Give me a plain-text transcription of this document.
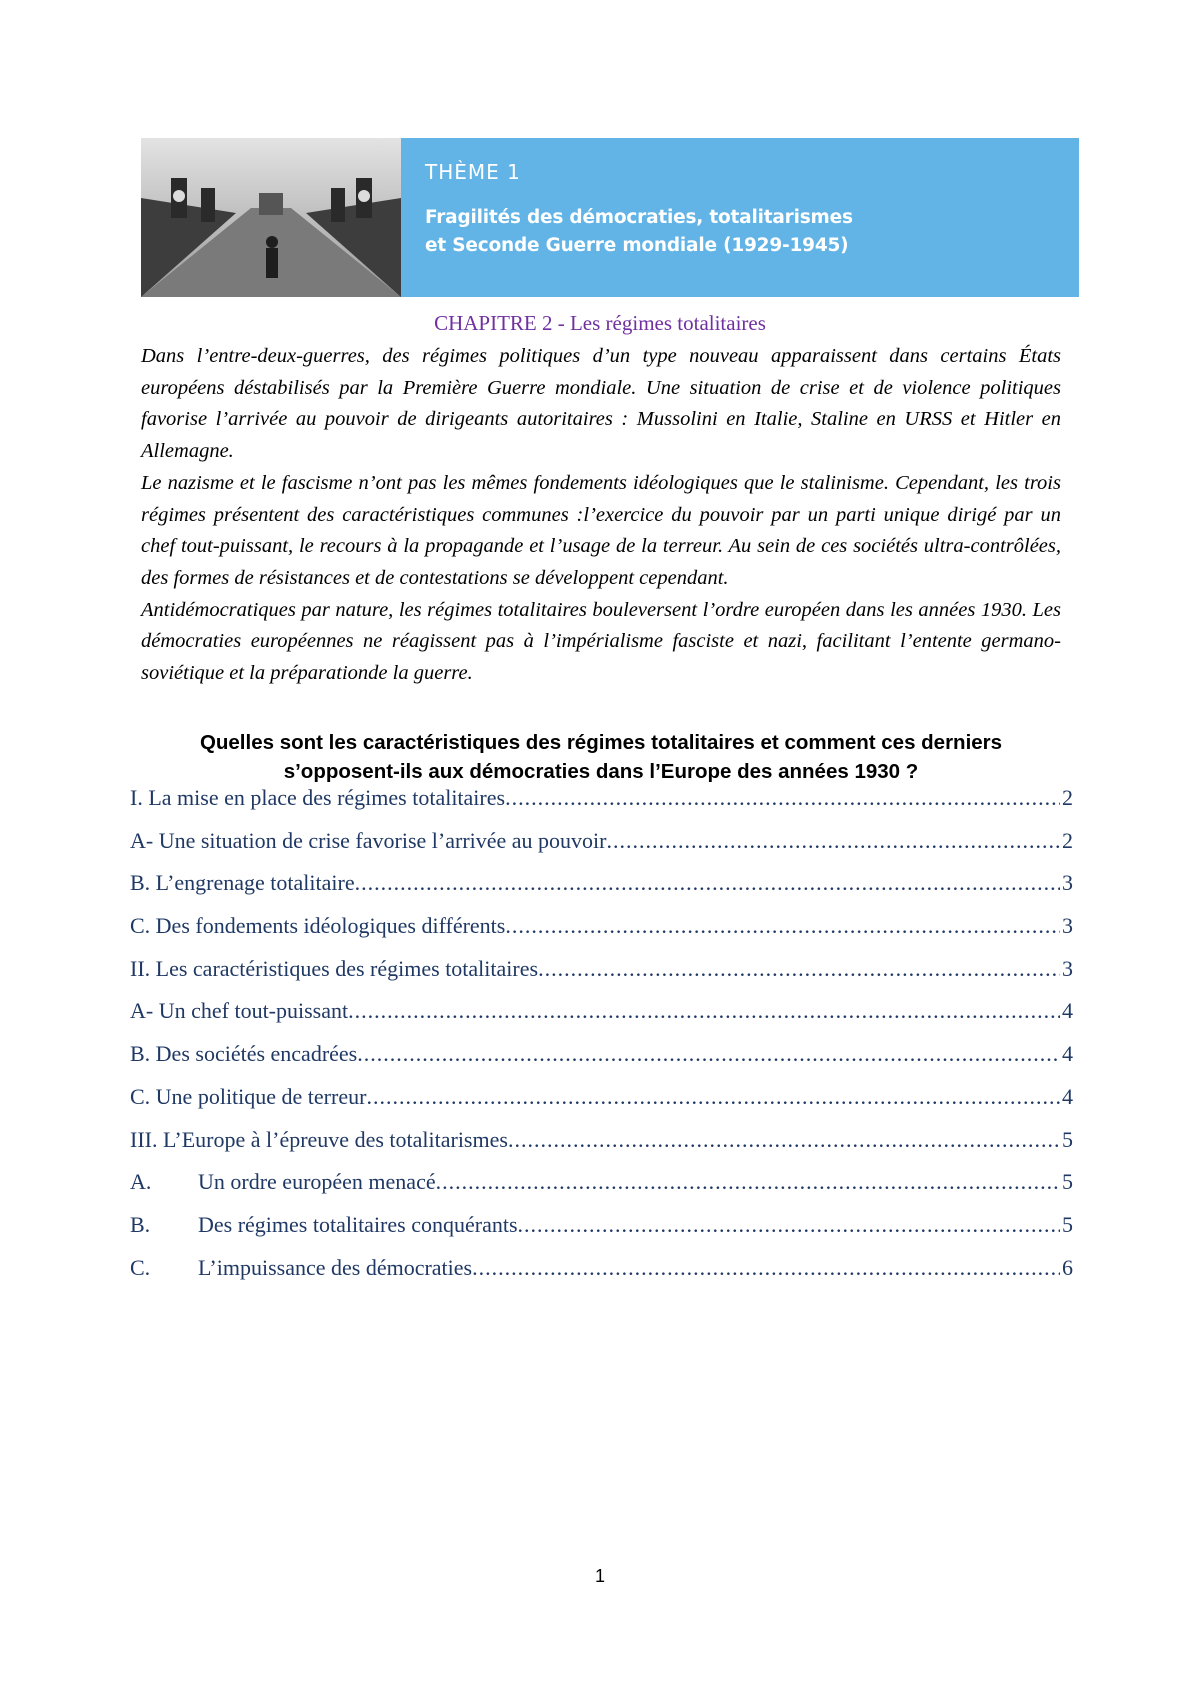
THÈME 1
Fragilités des démocraties, totalitarismes
et Seconde Guerre mondiale (1929-1945)
CHAPITRE 2 - Les régimes totalitaires

Dans l’entre-deux-guerres, des régimes politiques d’un type nouveau apparaissent dans certains États européens déstabilisés par la Première Guerre mondiale. Une situation de crise et de violence politiques favorise l’arrivée au pouvoir de dirigeants autoritaires : Mussolini en Italie, Staline en URSS et Hitler en Allemagne.

Le nazisme et le fascisme n’ont pas les mêmes fondements idéologiques que le stalinisme. Cependant, les trois régimes présentent des caractéristiques communes :l’exercice du pouvoir par un parti unique dirigé par un chef tout-puissant, le recours à la propagande et l’usage de la terreur. Au sein de ces sociétés ultra-contrôlées, des formes de résistances et de contestations se développent cependant.

Antidémocratiques par nature, les régimes totalitaires bouleversent l’ordre européen dans les années 1930. Les démocraties européennes ne réagissent pas à l’impérialisme fasciste et nazi, facilitant l’entente germano-soviétique et la préparationde la guerre.

Quelles sont les caractéristiques des régimes totalitaires et comment ces derniers s’opposent-ils aux démocraties dans l’Europe des années 1930 ?
I. La mise en place des régimes totalitaires .....	2
A- Une situation de crise favorise l’arrivée au pouvoir .....	2
B. L’engrenage totalitaire .....	3
C. Des fondements idéologiques différents .....	3
II. Les caractéristiques des régimes totalitaires .....	3
A- Un chef tout-puissant .....	4
B. Des sociétés encadrées .....	4
C. Une politique de terreur .....	4
III. L’Europe à l’épreuve des totalitarismes .....	5
A.	Un ordre européen menacé .....	5
B.	Des régimes totalitaires conquérants .....	5
C.	L’impuissance des démocraties .....	6
1
